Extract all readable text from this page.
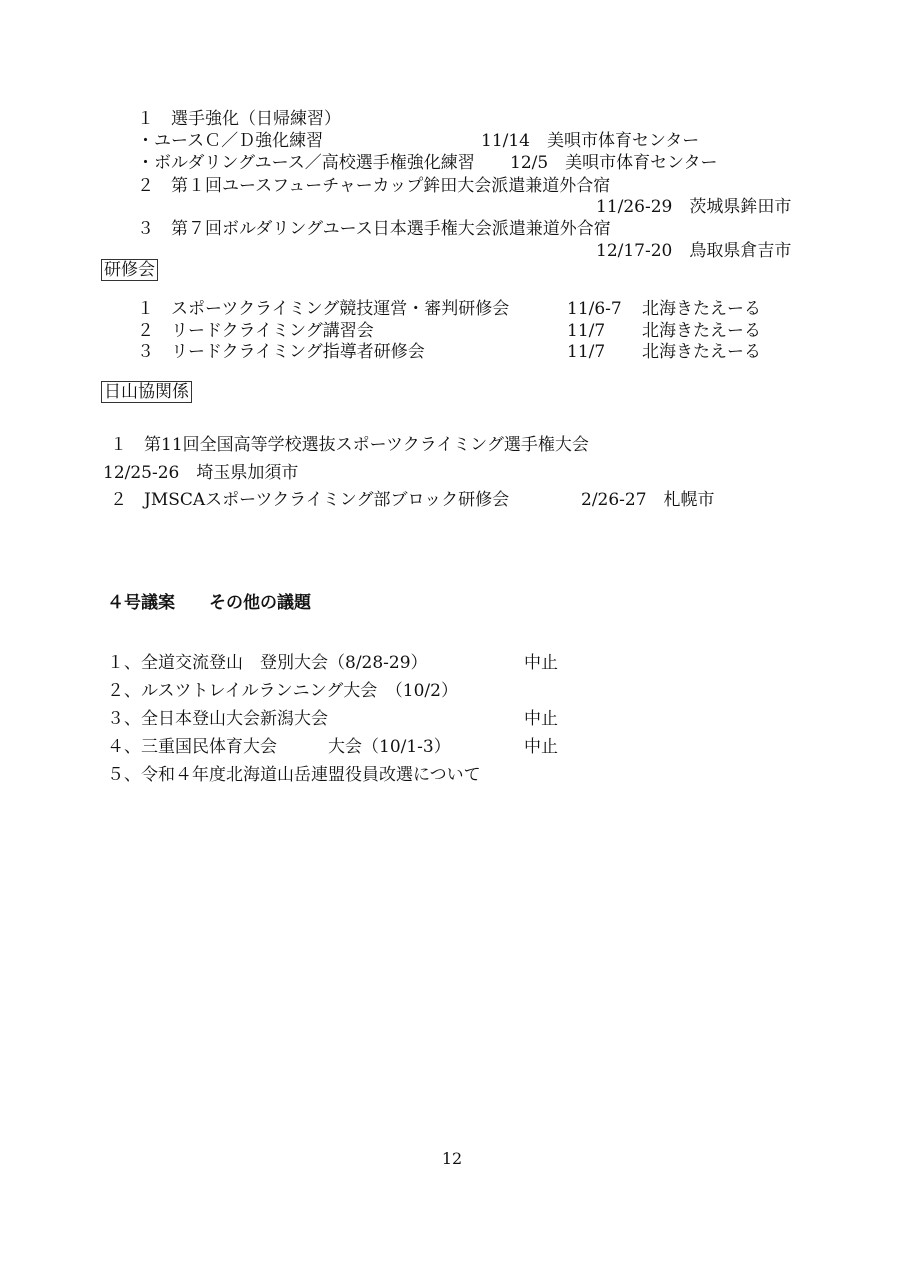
１　選手強化（日帰練習）
・ユースＣ／Ｄ強化練習	11/14　美唄市体育センター
・ボルダリングユース／高校選手権強化練習 12/5　美唄市体育センター
２　第１回ユースフューチャーカップ鉾田大会派遣兼道外合宿
11/26-29　茨城県鉾田市
３　第７回ボルダリングユース日本選手権大会派遣兼道外合宿
12/17-20　鳥取県倉吉市
研修会
１　スポーツクライミング競技運営・審判研修会	11/6-7 北海きたえーる
２　リードクライミング講習会	11/7 北海きたえーる
３　リードクライミング指導者研修会	11/7 北海きたえーる
日山協関係
１　第11回全国高等学校選抜スポーツクライミング選手権大会
12/25-26　埼玉県加須市
２　JMSCAスポーツクライミング部ブロック研修会	2/26-27　札幌市
４号議案　　その他の議題
１、全道交流登山　登別大会（8/28-29）	中止
２、ルスツトレイルランニング大会　（10/2）
３、全日本登山大会新潟大会	中止
４、三重国民体育大会　　　大会（10/1-3）	中止
５、令和４年度北海道山岳連盟役員改選について
12
